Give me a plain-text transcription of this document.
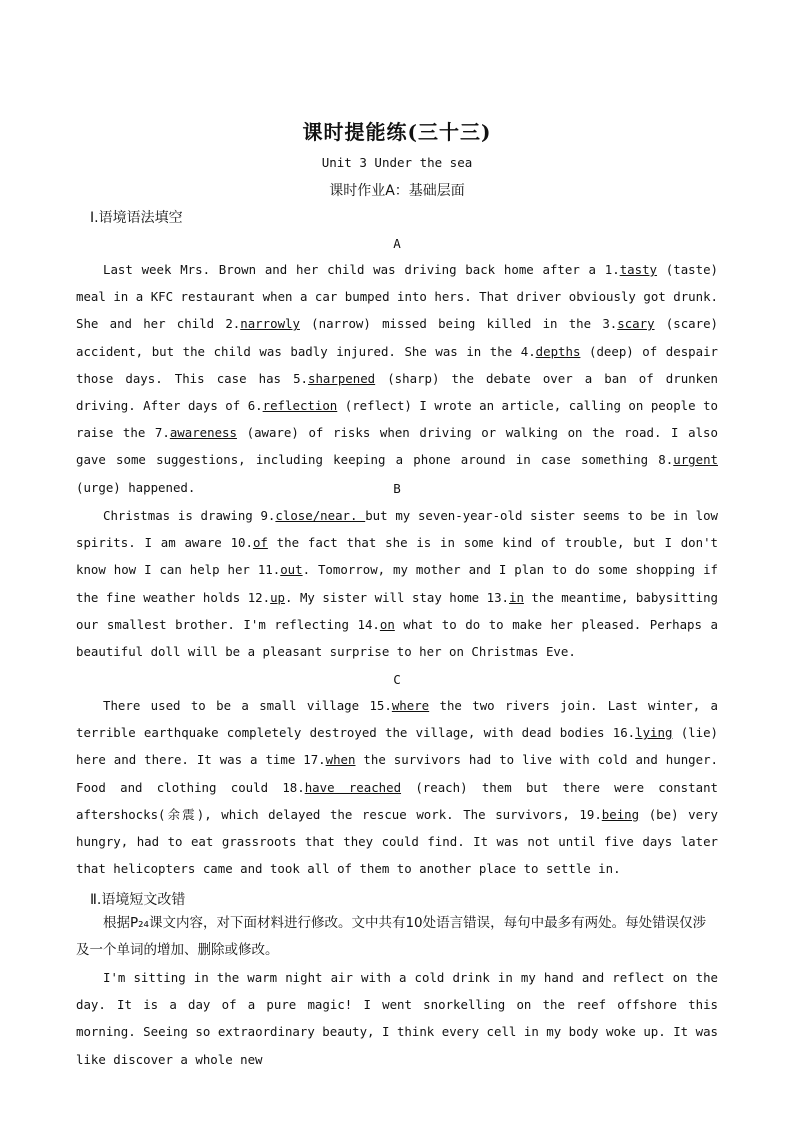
课时提能练(三十三)
Unit 3 Under the sea
课时作业A：基础层面
Ⅰ.语境语法填空
A
Last week Mrs. Brown and her child was driving back home after a 1.tasty (taste) meal in a KFC restaurant when a car bumped into hers. That driver obviously got drunk. She and her child 2.narrowly (narrow) missed being killed in the 3.scary (scare) accident, but the child was badly injured. She was in the 4.depths (deep) of despair those days. This case has 5.sharpened (sharp) the debate over a ban of drunken driving. After days of 6.reflection (reflect) I wrote an article, calling on people to raise the 7.awareness (aware) of risks when driving or walking on the road. I also gave some suggestions, including keeping a phone around in case something 8.urgent (urge) happened.	B
Christmas is drawing 9.close/near. but my seven-year-old sister seems to be in low spirits. I am aware 10.of the fact that she is in some kind of trouble, but I don't know how I can help her 11.out. Tomorrow, my mother and I plan to do some shopping if the fine weather holds 12.up. My sister will stay home 13.in the meantime, babysitting our smallest brother. I'm reflecting 14.on what to do to make her pleased. Perhaps a beautiful doll will be a pleasant surprise to her on Christmas Eve.
C
There used to be a small village 15.where the two rivers join. Last winter, a terrible earthquake completely destroyed the village, with dead bodies 16.lying (lie) here and there. It was a time 17.when the survivors had to live with cold and hunger. Food and clothing could 18.have reached (reach) them but there were constant aftershocks(余震), which delayed the rescue work. The survivors, 19.being (be) very hungry, had to eat grassroots that they could find. It was not until five days later that helicopters came and took all of them to another place to settle in.
Ⅱ.语境短文改错
根据P₂₄课文内容，对下面材料进行修改。文中共有10处语言错误，每句中最多有两处。每处错误仅涉及一个单词的增加、删除或修改。
I'm sitting in the warm night air with a cold drink in my hand and reflect on the day. It is a day of a pure magic! I went snorkelling on the reef offshore this morning. Seeing so extraordinary beauty, I think every cell in my body woke up. It was like discover a whole new
